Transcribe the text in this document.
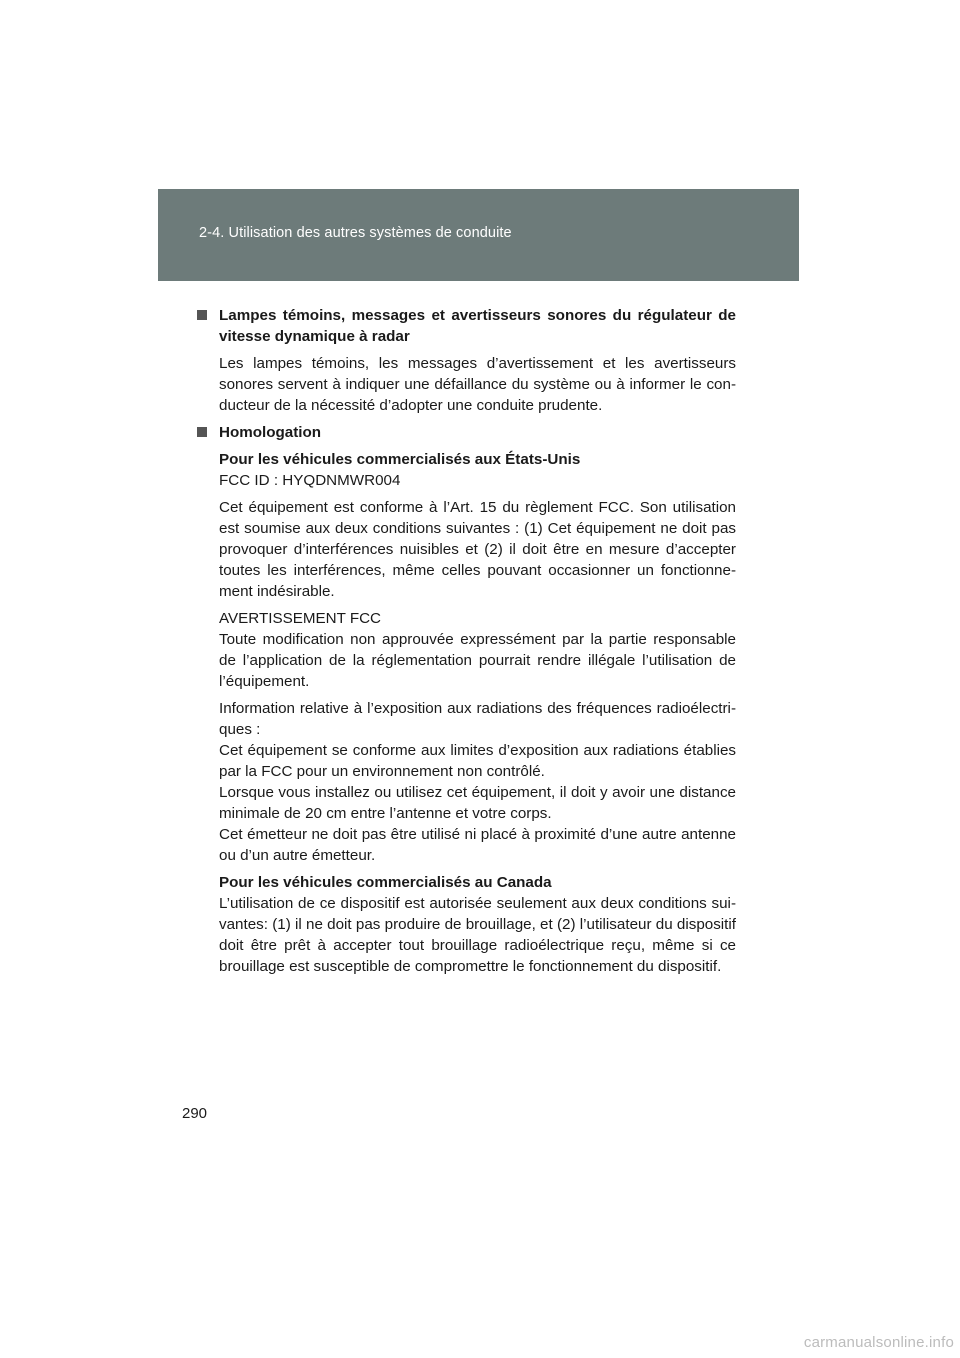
2-4. Utilisation des autres systèmes de conduite
Lampes témoins, messages et avertisseurs sonores du régulateur de vitesse dynamique à radar
Les lampes témoins, les messages d’avertissement et les avertisseurs sonores servent à indiquer une défaillance du système ou à informer le conducteur de la nécessité d’adopter une conduite prudente.
Homologation
Pour les véhicules commercialisés aux États-Unis
FCC ID : HYQDNMWR004
Cet équipement est conforme à l’Art. 15 du règlement FCC. Son utilisation est soumise aux deux conditions suivantes : (1) Cet équipement ne doit pas provoquer d’interférences nuisibles et (2) il doit être en mesure d’accepter toutes les interférences, même celles pouvant occasionner un fonctionnement indésirable.
AVERTISSEMENT FCC
Toute modification non approuvée expressément par la partie responsable de l’application de la réglementation pourrait rendre illégale l’utilisation de l’équipement.
Information relative à l’exposition aux radiations des fréquences radioélectriques :
Cet équipement se conforme aux limites d’exposition aux radiations établies par la FCC pour un environnement non contrôlé.
Lorsque vous installez ou utilisez cet équipement, il doit y avoir une distance minimale de 20 cm entre l’antenne et votre corps.
Cet émetteur ne doit pas être utilisé ni placé à proximité d’une autre antenne ou d’un autre émetteur.
Pour les véhicules commercialisés au Canada
L’utilisation de ce dispositif est autorisée seulement aux deux conditions suivantes: (1) il ne doit pas produire de brouillage, et (2) l’utilisateur du dispositif doit être prêt à accepter tout brouillage radioélectrique reçu, même si ce brouillage est susceptible de compromettre le fonctionnement du dispositif.
290
carmanualsonline.info
